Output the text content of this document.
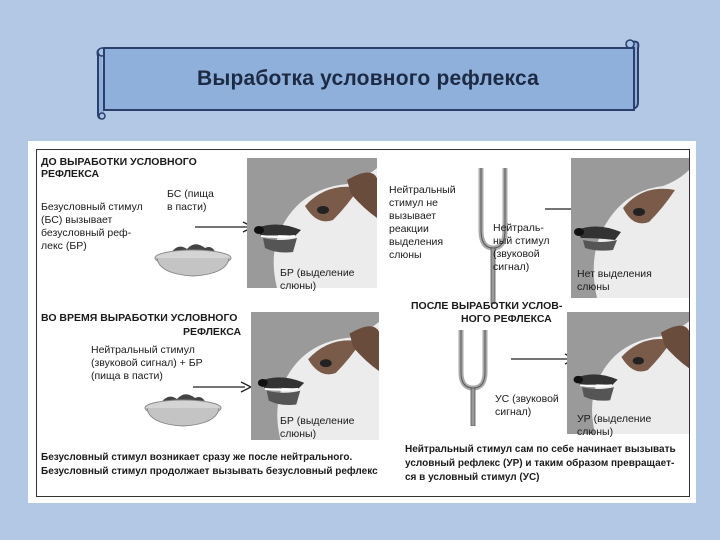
Выработка условного рефлекса
ДО ВЫРАБОТКИ УСЛОВНОГО
РЕФЛЕКСА
Безусловный стимул
(БС) вызывает
безусловный реф-
лекс (БР)
БС (пища
в пасти)
БР (выделение
слюны)
Нейтральный
стимул не
вызывает
реакции
выделения
слюны
Нейтраль-
ный стимул
(звуковой
сигнал)
Нет выделения
слюны
ВО ВРЕМЯ ВЫРАБОТКИ УСЛОВНОГО
РЕФЛЕКСА
Нейтральный стимул
(звуковой сигнал) + БР
(пища в пасти)
БР (выделение
слюны)
Безусловный стимул возникает сразу же после нейтрального.
Безусловный стимул продолжает вызывать безусловный рефлекс
ПОСЛЕ ВЫРАБОТКИ УСЛОВ-
НОГО РЕФЛЕКСА
УС (звуковой
сигнал)
УР (выделение
слюны)
Нейтральный стимул сам по себе начинает вызывать
условный рефлекс (УР) и таким образом превращает-
ся в условный стимул (УС)
